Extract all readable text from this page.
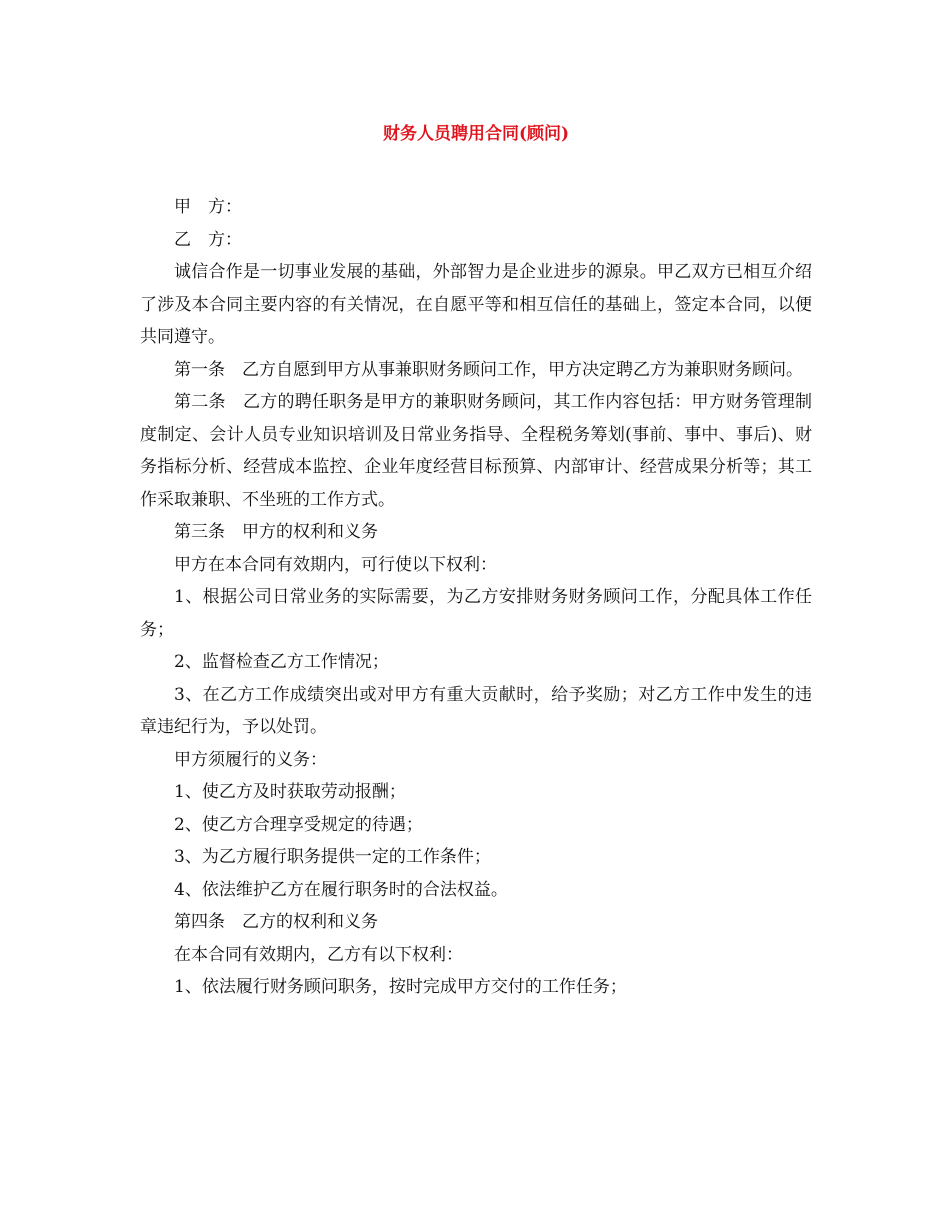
财务人员聘用合同(顾问)

甲　方：

乙　方：

诚信合作是一切事业发展的基础，外部智力是企业进步的源泉。甲乙双方已相互介绍了涉及本合同主要内容的有关情况，在自愿平等和相互信任的基础上，签定本合同，以便共同遵守。

第一条　乙方自愿到甲方从事兼职财务顾问工作，甲方决定聘乙方为兼职财务顾问。

第二条　乙方的聘任职务是甲方的兼职财务顾问，其工作内容包括：甲方财务管理制度制定、会计人员专业知识培训及日常业务指导、全程税务筹划(事前、事中、事后)、财务指标分析、经营成本监控、企业年度经营目标预算、内部审计、经营成果分析等；其工作采取兼职、不坐班的工作方式。

第三条　甲方的权利和义务

甲方在本合同有效期内，可行使以下权利：

1、根据公司日常业务的实际需要，为乙方安排财务财务顾问工作，分配具体工作任务；

2、监督检查乙方工作情况；

3、在乙方工作成绩突出或对甲方有重大贡献时，给予奖励；对乙方工作中发生的违章违纪行为，予以处罚。

甲方须履行的义务：

1、使乙方及时获取劳动报酬；

2、使乙方合理享受规定的待遇；

3、为乙方履行职务提供一定的工作条件；

4、依法维护乙方在履行职务时的合法权益。

第四条　乙方的权利和义务

在本合同有效期内，乙方有以下权利：

1、依法履行财务顾问职务，按时完成甲方交付的工作任务；
